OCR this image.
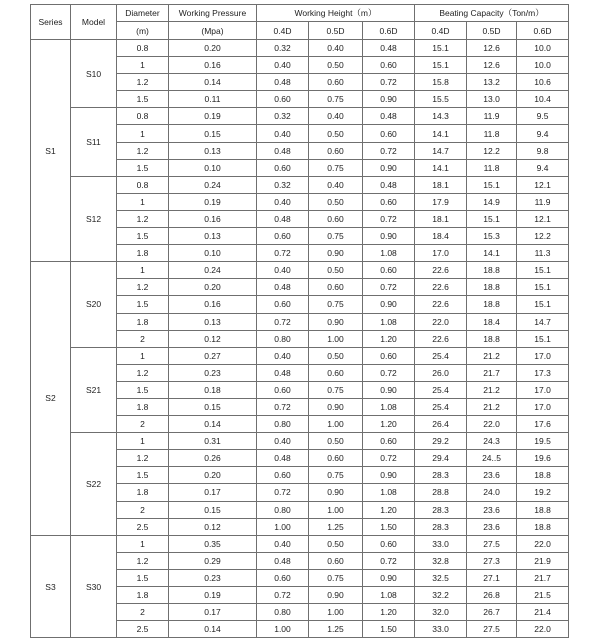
Series	Model	Diameter	Working Pressure	Working Height（m）			Beating Capacity（Ton/m）		
		(m)	(Mpa)	0.4D	0.5D	0.6D	0.4D	0.5D	0.6D
S1	S10	0.8	0.20	0.32	0.40	0.48	15.1	12.6	10.0
		1	0.16	0.40	0.50	0.60	15.1	12.6	10.0
		1.2	0.14	0.48	0.60	0.72	15.8	13.2	10.6
		1.5	0.11	0.60	0.75	0.90	15.5	13.0	10.4
	S11	0.8	0.19	0.32	0.40	0.48	14.3	11.9	9.5
		1	0.15	0.40	0.50	0.60	14.1	11.8	9.4
		1.2	0.13	0.48	0.60	0.72	14.7	12.2	9.8
		1.5	0.10	0.60	0.75	0.90	14.1	11.8	9.4
	S12	0.8	0.24	0.32	0.40	0.48	18.1	15.1	12.1
		1	0.19	0.40	0.50	0.60	17.9	14.9	11.9
		1.2	0.16	0.48	0.60	0.72	18.1	15.1	12.1
		1.5	0.13	0.60	0.75	0.90	18.4	15.3	12.2
		1.8	0.10	0.72	0.90	1.08	17.0	14.1	11.3
S2	S20	1	0.24	0.40	0.50	0.60	22.6	18.8	15.1
		1.2	0.20	0.48	0.60	0.72	22.6	18.8	15.1
		1.5	0.16	0.60	0.75	0.90	22.6	18.8	15.1
		1.8	0.13	0.72	0.90	1.08	22.0	18.4	14.7
		2	0.12	0.80	1.00	1.20	22.6	18.8	15.1
	S21	1	0.27	0.40	0.50	0.60	25.4	21.2	17.0
		1.2	0.23	0.48	0.60	0.72	26.0	21.7	17.3
		1.5	0.18	0.60	0.75	0.90	25.4	21.2	17.0
		1.8	0.15	0.72	0.90	1.08	25.4	21.2	17.0
		2	0.14	0.80	1.00	1.20	26.4	22.0	17.6
	S22	1	0.31	0.40	0.50	0.60	29.2	24.3	19.5
		1.2	0.26	0.48	0.60	0.72	29.4	24..5	19.6
		1.5	0.20	0.60	0.75	0.90	28.3	23.6	18.8
		1.8	0.17	0.72	0.90	1.08	28.8	24.0	19.2
		2	0.15	0.80	1.00	1.20	28.3	23.6	18.8
		2.5	0.12	1.00	1.25	1.50	28.3	23.6	18.8
S3	S30	1	0.35	0.40	0.50	0.60	33.0	27.5	22.0
		1.2	0.29	0.48	0.60	0.72	32.8	27.3	21.9
		1.5	0.23	0.60	0.75	0.90	32.5	27.1	21.7
		1.8	0.19	0.72	0.90	1.08	32.2	26.8	21.5
		2	0.17	0.80	1.00	1.20	32.0	26.7	21.4
		2.5	0.14	1.00	1.25	1.50	33.0	27.5	22.0
